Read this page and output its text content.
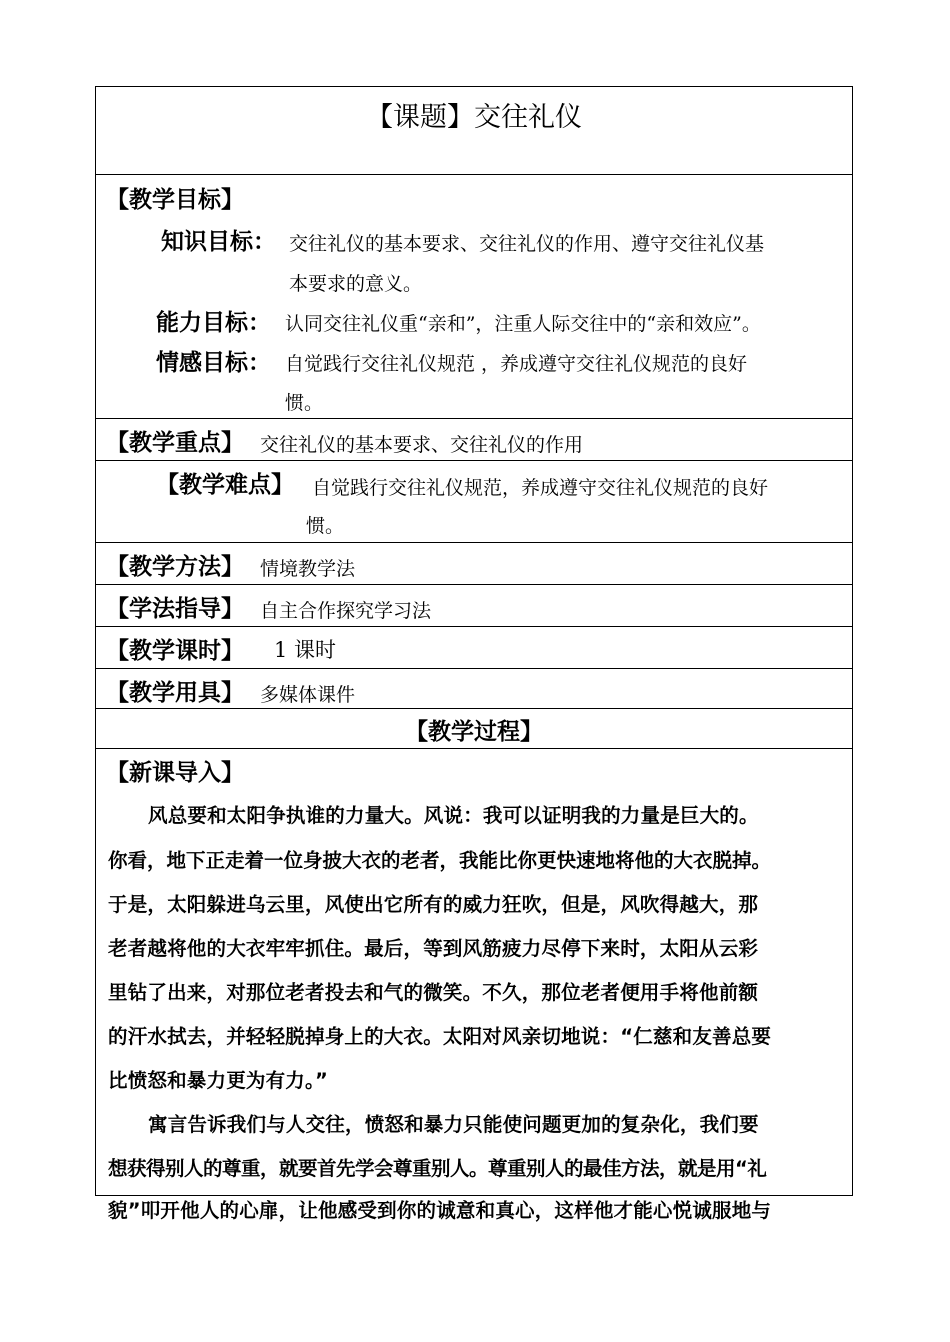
【课题】交往礼仪
【教学目标】
知识目标： 交往礼仪的基本要求、交往礼仪的作用、遵守交往礼仪基
本要求的意义。
能力目标： 认同交往礼仪重“亲和”，注重人际交往中的“亲和效应”。
情感目标： 自觉践行交往礼仪规范 ，养成遵守交往礼仪规范的良好
惯。
【教学重点】 交往礼仪的基本要求、交往礼仪的作用
【教学难点】 自觉践行交往礼仪规范，养成遵守交往礼仪规范的良好
惯。
【教学方法】 情境教学法
【学法指导】 自主合作探究学习法
【教学课时】 1 课时
【教学用具】 多媒体课件
【教学过程】
【新课导入】
风总要和太阳争执谁的力量大。风说：我可以证明我的力量是巨大的。
你看，地下正走着一位身披大衣的老者，我能比你更快速地将他的大衣脱掉。
于是，太阳躲进乌云里，风使出它所有的威力狂吹，但是，风吹得越大，那
老者越将他的大衣牢牢抓住。最后，等到风筋疲力尽停下来时，太阳从云彩
里钻了出来，对那位老者投去和气的微笑。不久，那位老者便用手将他前额
的汗水拭去，并轻轻脱掉身上的大衣。太阳对风亲切地说：“仁慈和友善总要
比愤怒和暴力更为有力。”
寓言告诉我们与人交往，愤怒和暴力只能使问题更加的复杂化，我们要
想获得别人的尊重，就要首先学会尊重别人。尊重别人的最佳方法，就是用“礼
貌”叩开他人的心扉，让他感受到你的诚意和真心，这样他才能心悦诚服地与
